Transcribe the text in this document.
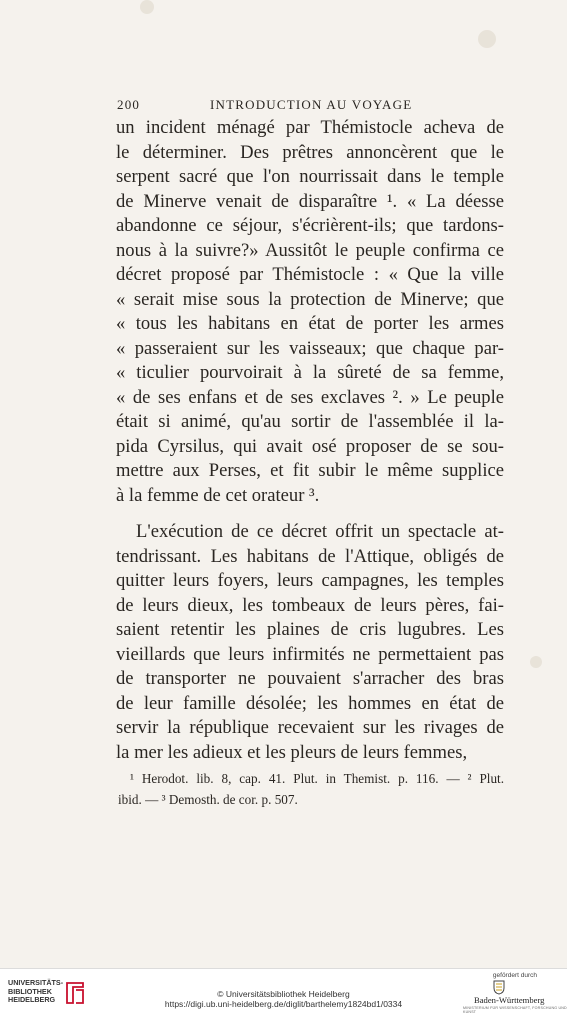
200	INTRODUCTION AU VOYAGE
un incident ménagé par Thémistocle acheva de
le déterminer. Des prêtres annoncèrent que le
serpent sacré que l'on nourrissait dans le temple
de Minerve venait de disparaître ¹. « La déesse
abandonne ce séjour, s'écrièrent-ils; que tardons-
nous à la suivre?» Aussitôt le peuple confirma ce
décret proposé par Thémistocle : « Que la ville
« serait mise sous la protection de Minerve; que
« tous les habitans en état de porter les armes
« passeraient sur les vaisseaux; que chaque par-
« ticulier pourvoirait à la sûreté de sa femme,
« de ses enfans et de ses exclaves ². » Le peuple
était si animé, qu'au sortir de l'assemblée il la-
pida Cyrsilus, qui avait osé proposer de se sou-
mettre aux Perses, et fit subir le même supplice
à la femme de cet orateur ³.
L'exécution de ce décret offrit un spectacle at-
tendrissant. Les habitans de l'Attique, obligés de
quitter leurs foyers, leurs campagnes, les temples
de leurs dieux, les tombeaux de leurs pères, fai-
saient retentir les plaines de cris lugubres. Les
vieillards que leurs infirmités ne permettaient pas
de transporter ne pouvaient s'arracher des bras
de leur famille désolée; les hommes en état de
servir la république recevaient sur les rivages de
la mer les adieux et les pleurs de leurs femmes,
¹ Herodot. lib. 8, cap. 41. Plut. in Themist. p. 116. — ² Plut.
ibid. — ³ Demosth. de cor. p. 507.
UNIVERSITÄTS-
BIBLIOTHEK
HEIDELBERG
© Universitätsbibliothek Heidelberg
https://digi.ub.uni-heidelberg.de/diglit/barthelemy1824bd1/0334
gefördert durch
Baden-Württemberg
MINISTERIUM FÜR WISSENSCHAFT, FORSCHUNG UND KUNST
